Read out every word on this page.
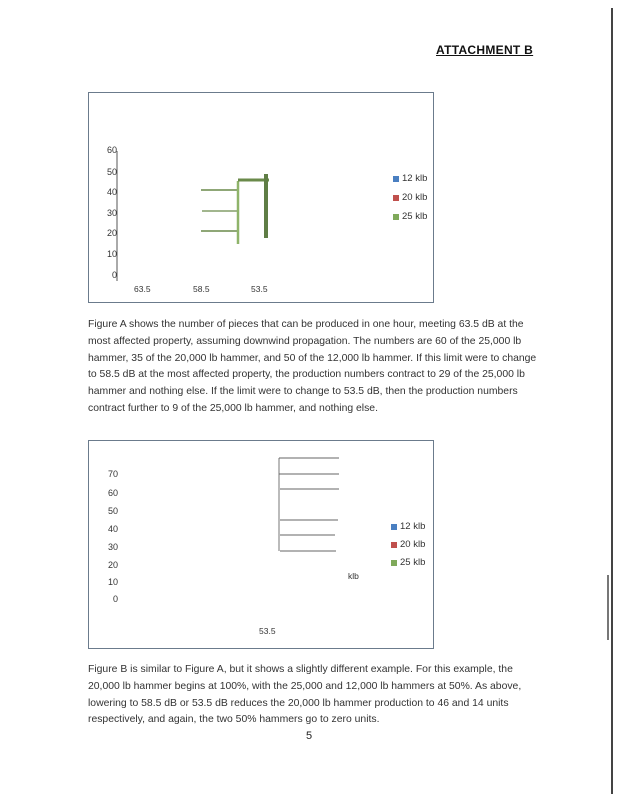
ATTACHMENT B
60
50
40
30
20
10
0
63.5	58.5	53.5
12 klb
20 klb
25 klb
Figure A shows the number of pieces that can be produced in one hour, meeting 63.5 dB at the most affected property, assuming downwind propagation. The numbers are 60 of the 25,000 lb hammer, 35 of the 20,000 lb hammer, and 50 of the 12,000 lb hammer. If this limit were to change to 58.5 dB at the most affected property, the production numbers contract to 29 of the 25,000 lb hammer and nothing else. If the limit were to change to 53.5 dB, then the production numbers contract further to 9 of the 25,000 lb hammer, and nothing else.
70
60
50
40
30
20
10
0
53.5
klb
12 klb
20 klb
25 klb
Figure B is similar to Figure A, but it shows a slightly different example. For this example, the 20,000 lb hammer begins at 100%, with the 25,000 and 12,000 lb hammers at 50%. As above, lowering to 58.5 dB or 53.5 dB reduces the 20,000 lb hammer production to 46 and 14 units respectively, and again, the two 50% hammers go to zero units.
5
